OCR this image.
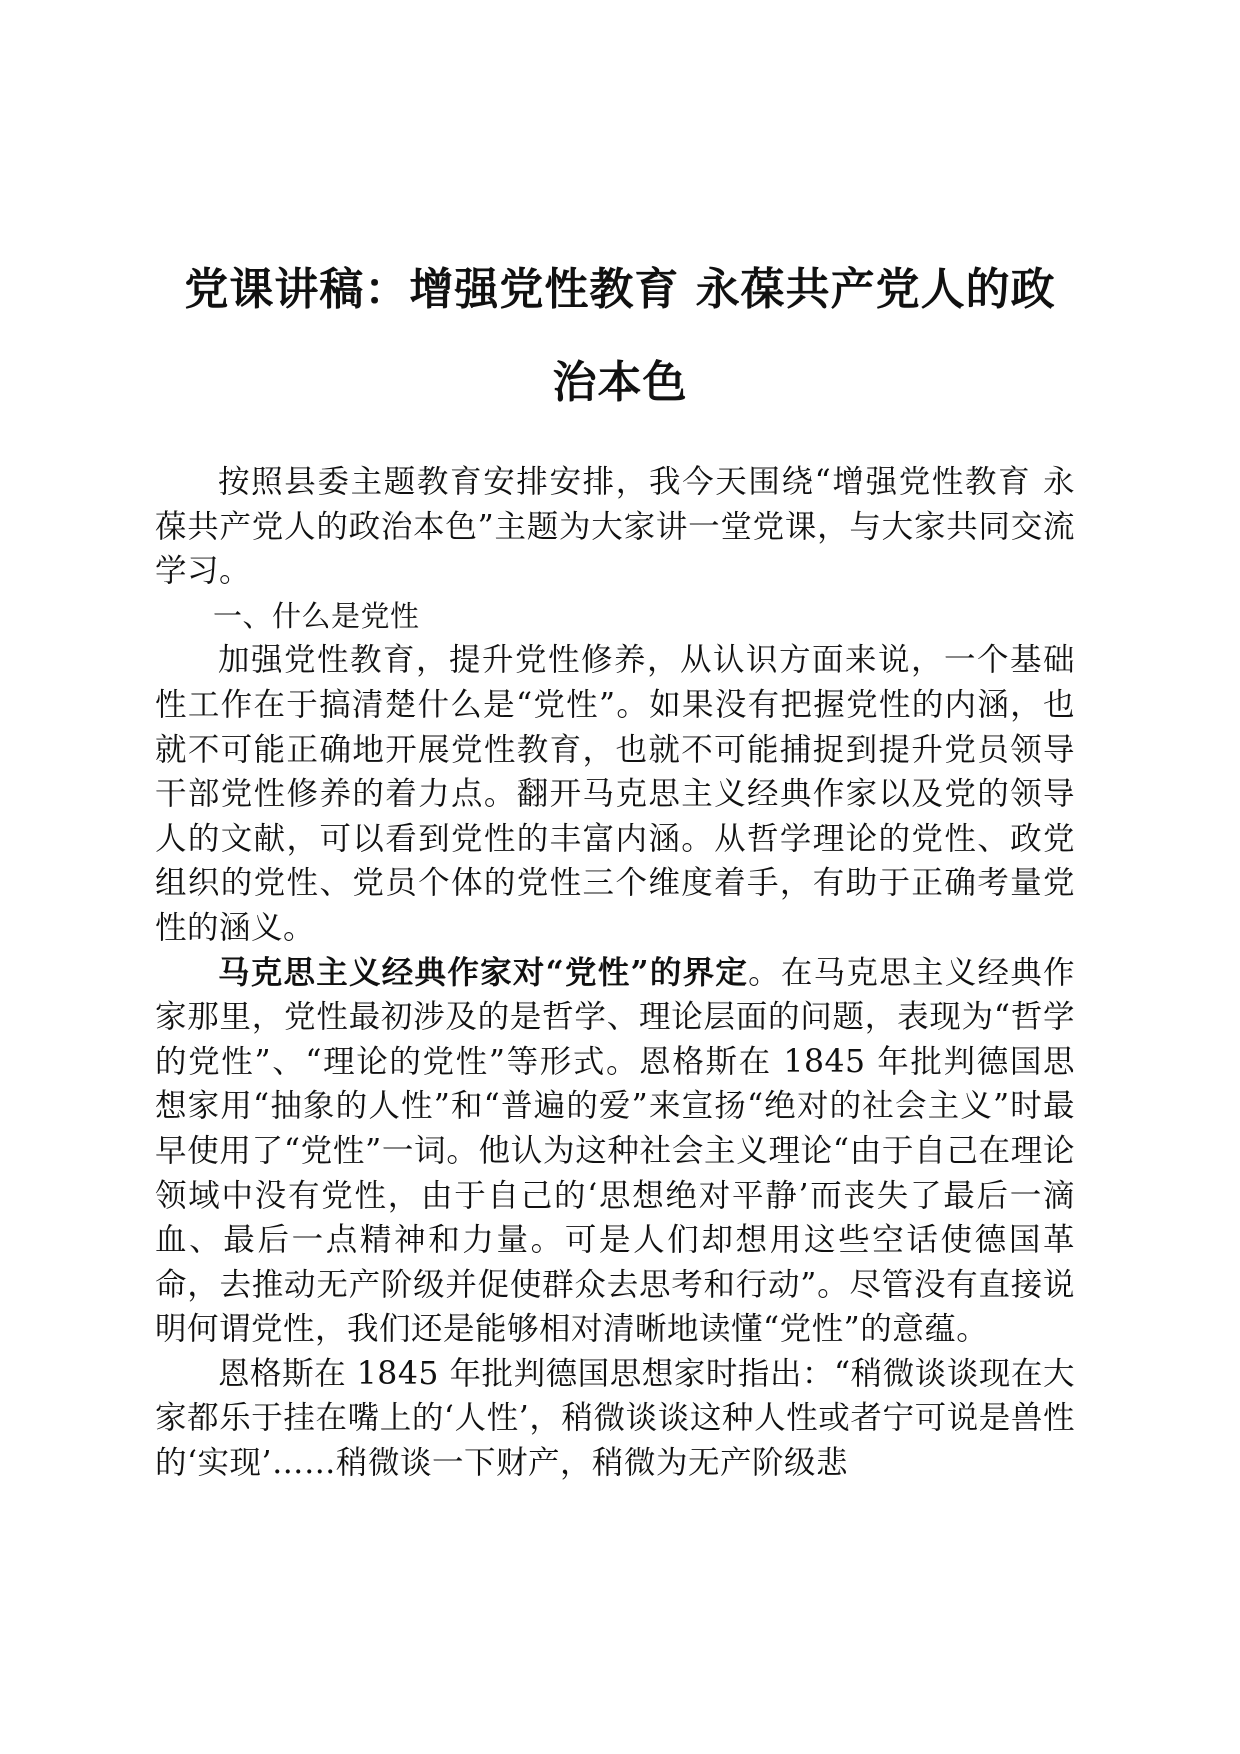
党课讲稿：增强党性教育 永葆共产党人的政
治本色

按照县委主题教育安排安排，我今天围绕“增强党性教育 永葆共产党人的政治本色”主题为大家讲一堂党课，与大家共同交流学习。

一、什么是党性

加强党性教育，提升党性修养，从认识方面来说，一个基础性工作在于搞清楚什么是“党性”。如果没有把握党性的内涵，也就不可能正确地开展党性教育，也就不可能捕捉到提升党员领导干部党性修养的着力点。翻开马克思主义经典作家以及党的领导人的文献，可以看到党性的丰富内涵。从哲学理论的党性、政党组织的党性、党员个体的党性三个维度着手，有助于正确考量党性的涵义。

马克思主义经典作家对“党性”的界定。在马克思主义经典作家那里，党性最初涉及的是哲学、理论层面的问题，表现为“哲学的党性”、“理论的党性”等形式。恩格斯在 1845 年批判德国思想家用“抽象的人性”和“普遍的爱”来宣扬“绝对的社会主义”时最早使用了“党性”一词。他认为这种社会主义理论“由于自己在理论领域中没有党性，由于自己的‘思想绝对平静’而丧失了最后一滴血、最后一点精神和力量。可是人们却想用这些空话使德国革命，去推动无产阶级并促使群众去思考和行动”。尽管没有直接说明何谓党性，我们还是能够相对清晰地读懂“党性”的意蕴。

恩格斯在 1845 年批判德国思想家时指出：“稍微谈谈现在大家都乐于挂在嘴上的‘人性’，稍微谈谈这种人性或者宁可说是兽性的‘实现’……稍微谈一下财产，稍微为无产阶级悲
